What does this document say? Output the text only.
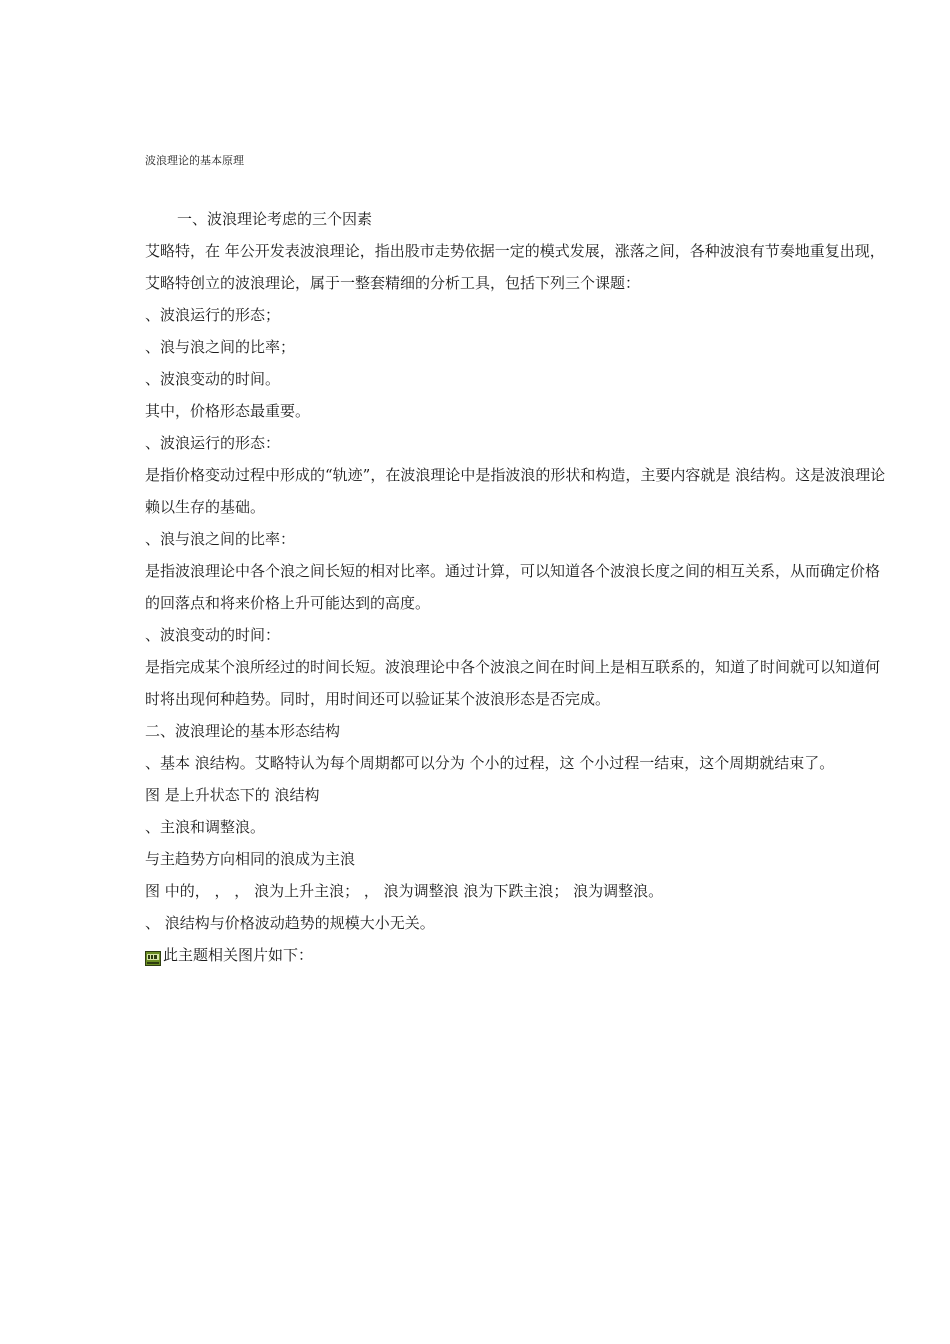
波浪理论的基本原理
一、波浪理论考虑的三个因素
艾略特，在 年公开发表波浪理论，指出股市走势依据一定的模式发展，涨落之间，各种波浪有节奏地重复出现，艾略特创立的波浪理论，属于一整套精细的分析工具，包括下列三个课题：
、波浪运行的形态；
、浪与浪之间的比率；
、波浪变动的时间。
其中，价格形态最重要。
、波浪运行的形态：
是指价格变动过程中形成的“轨迹”，在波浪理论中是指波浪的形状和构造，主要内容就是 浪结构。这是波浪理论赖以生存的基础。
、浪与浪之间的比率：
是指波浪理论中各个浪之间长短的相对比率。通过计算，可以知道各个波浪长度之间的相互关系，从而确定价格的回落点和将来价格上升可能达到的高度。
、波浪变动的时间：
是指完成某个浪所经过的时间长短。波浪理论中各个波浪之间在时间上是相互联系的，知道了时间就可以知道何时将出现何种趋势。同时，用时间还可以验证某个波浪形态是否完成。
二、波浪理论的基本形态结构
、基本 浪结构。艾略特认为每个周期都可以分为 个小的过程，这 个小过程一结束，这个周期就结束了。
图 是上升状态下的 浪结构
、主浪和调整浪。
与主趋势方向相同的浪成为主浪
图 中的， ， ， 浪为上升主浪； ， 浪为调整浪 浪为下跌主浪； 浪为调整浪。
、 浪结构与价格波动趋势的规模大小无关。
此主题相关图片如下：
